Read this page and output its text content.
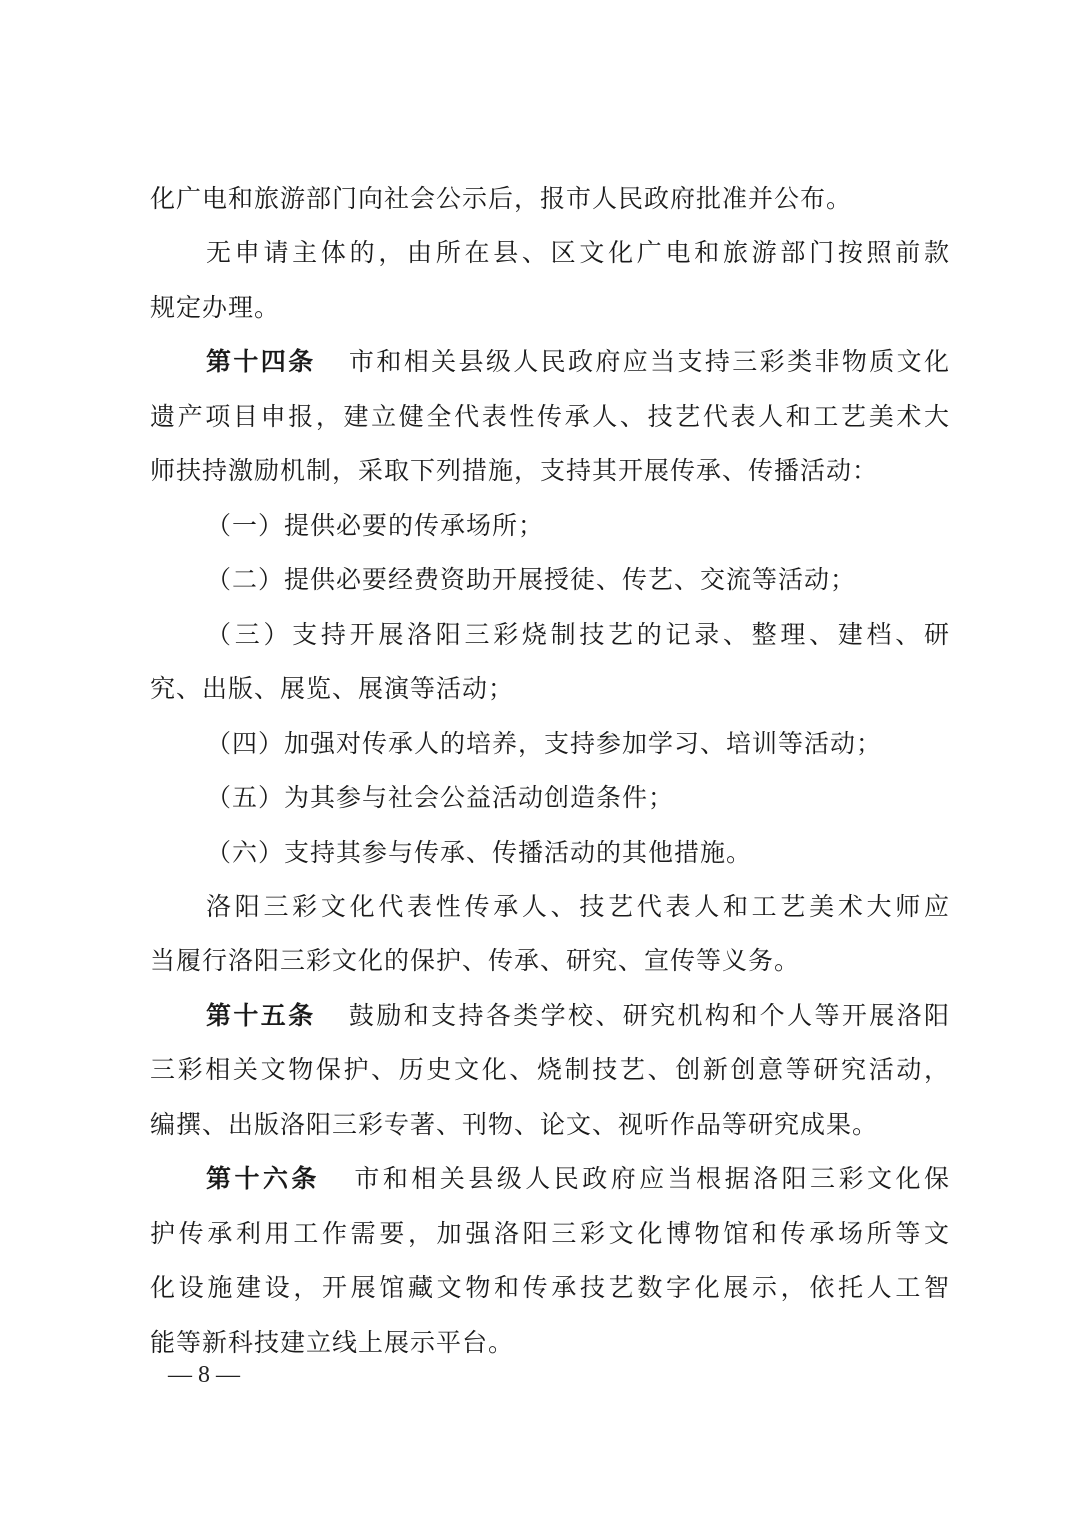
化广电和旅游部门向社会公示后，报市人民政府批准并公布。
无申请主体的，由所在县、区文化广电和旅游部门按照前款
规定办理。
第十四条 市和相关县级人民政府应当支持三彩类非物质文化
遗产项目申报，建立健全代表性传承人、技艺代表人和工艺美术大
师扶持激励机制，采取下列措施，支持其开展传承、传播活动：
（一）提供必要的传承场所；
（二）提供必要经费资助开展授徒、传艺、交流等活动；
（三）支持开展洛阳三彩烧制技艺的记录、整理、建档、研
究、出版、展览、展演等活动；
（四）加强对传承人的培养，支持参加学习、培训等活动；
（五）为其参与社会公益活动创造条件；
（六）支持其参与传承、传播活动的其他措施。
洛阳三彩文化代表性传承人、技艺代表人和工艺美术大师应
当履行洛阳三彩文化的保护、传承、研究、宣传等义务。
第十五条 鼓励和支持各类学校、研究机构和个人等开展洛阳
三彩相关文物保护、历史文化、烧制技艺、创新创意等研究活动，
编撰、出版洛阳三彩专著、刊物、论文、视听作品等研究成果。
第十六条 市和相关县级人民政府应当根据洛阳三彩文化保
护传承利用工作需要，加强洛阳三彩文化博物馆和传承场所等文
化设施建设，开展馆藏文物和传承技艺数字化展示，依托人工智
能等新科技建立线上展示平台。
— 8 —
